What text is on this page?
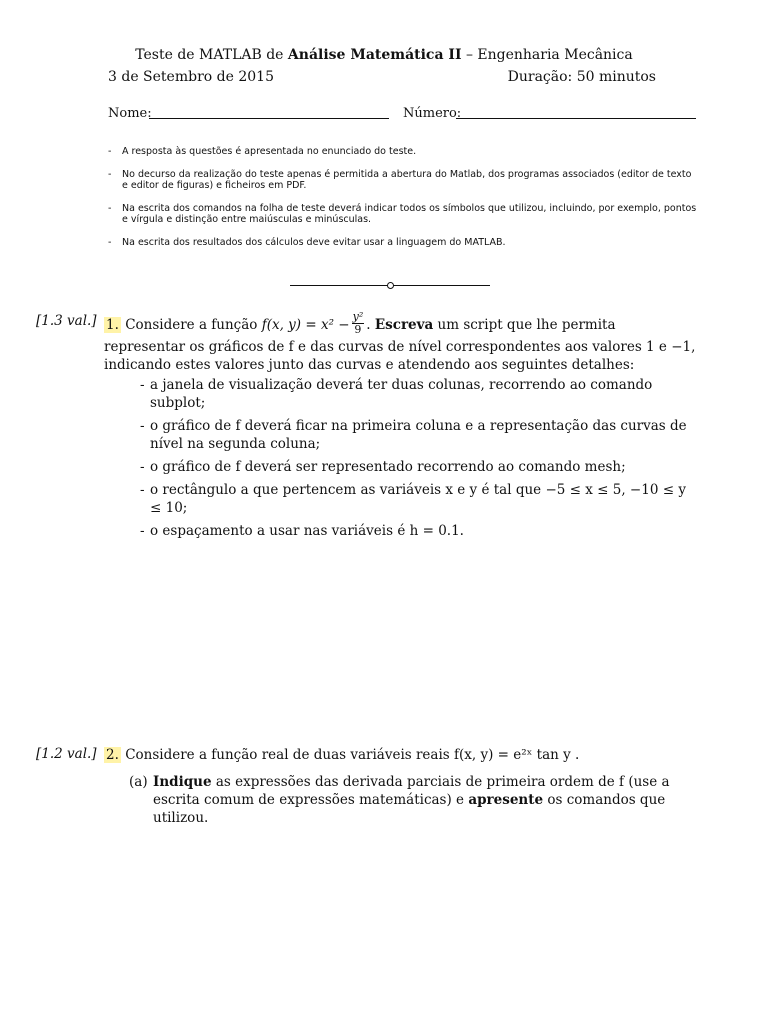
Teste de MATLAB de Análise Matemática II – Engenharia Mecânica
3 de Setembro de 2015	Duração: 50 minutos
Nome:	Número:
-	A resposta às questões é apresentada no enunciado do teste.
-	No decurso da realização do teste apenas é permitida a abertura do Matlab, dos programas associados (editor de texto e editor de figuras) e ficheiros em PDF.
-	Na escrita dos comandos na folha de teste deverá indicar todos os símbolos que utilizou, incluindo, por exemplo, pontos e vírgula e distinção entre maiúsculas e minúsculas.
-	Na escrita dos resultados dos cálculos deve evitar usar a linguagem do MATLAB.
[1.3 val.] 1. Considere a função f(x, $y) = x^2 - \frac{\text{y²}}{9}$ . Escreva um script que lhe permita representar os gráficos de f e das curvas de nível correspondentes aos valores 1 e −1, indicando estes valores junto das curvas e atendendo aos seguintes detalhes:
- a janela de visualização deverá ter duas colunas, recorrendo ao comando subplot;
- o gráfico de f deverá ficar na primeira coluna e a representação das curvas de nível na segunda coluna;
- o gráfico de f deverá ser representado recorrendo ao comando mesh;
- o rectângulo a que pertencem as variáveis x e y é tal que −5 ≤ x ≤ 5, −10 ≤ y ≤ 10;
- o espaçamento a usar nas variáveis é h = 0.1.
[1.2 val.] 2. Considere a função real de duas variáveis reais f(x, y) = e²ˣ tan y .
(a) Indique as expressões das derivada parciais de primeira ordem de f (use a escrita comum de expressões matemáticas) e apresente os comandos que utilizou.
